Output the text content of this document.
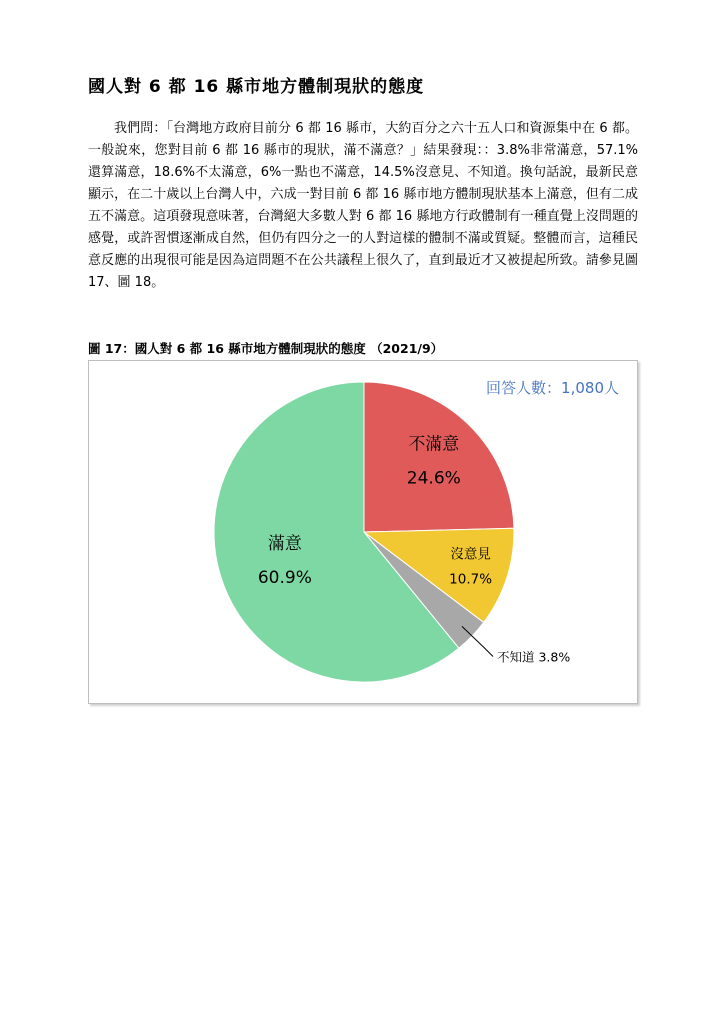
國人對 6 都 16 縣市地方體制現狀的態度

我們問：「台灣地方政府目前分 6 都 16 縣市，大約百分之六十五人口和資源集中在 6 都。一般說來，您對目前 6 都 16 縣市的現狀，滿不滿意？」結果發現：：3.8%非常滿意，57.1%還算滿意，18.6%不太滿意，6%一點也不滿意，14.5%沒意見、不知道。換句話說，最新民意顯示，在二十歲以上台灣人中，六成一對目前 6 都 16 縣市地方體制現狀基本上滿意，但有二成五不滿意。這項發現意味著，台灣絕大多數人對 6 都 16 縣地方行政體制有一種直覺上沒問題的感覺，或許習慣逐漸成自然，但仍有四分之一的人對這樣的體制不滿或質疑。整體而言，這種民意反應的出現很可能是因為這問題不在公共議程上很久了，直到最近才又被提起所致。請參見圖 17、圖 18。

圖 17：國人對 6 都 16 縣市地方體制現狀的態度 （2021/9）

不滿意
24.6%
沒意見
10.7%
滿意
60.9%
不知道 3.8%
回答人數：1,080人
